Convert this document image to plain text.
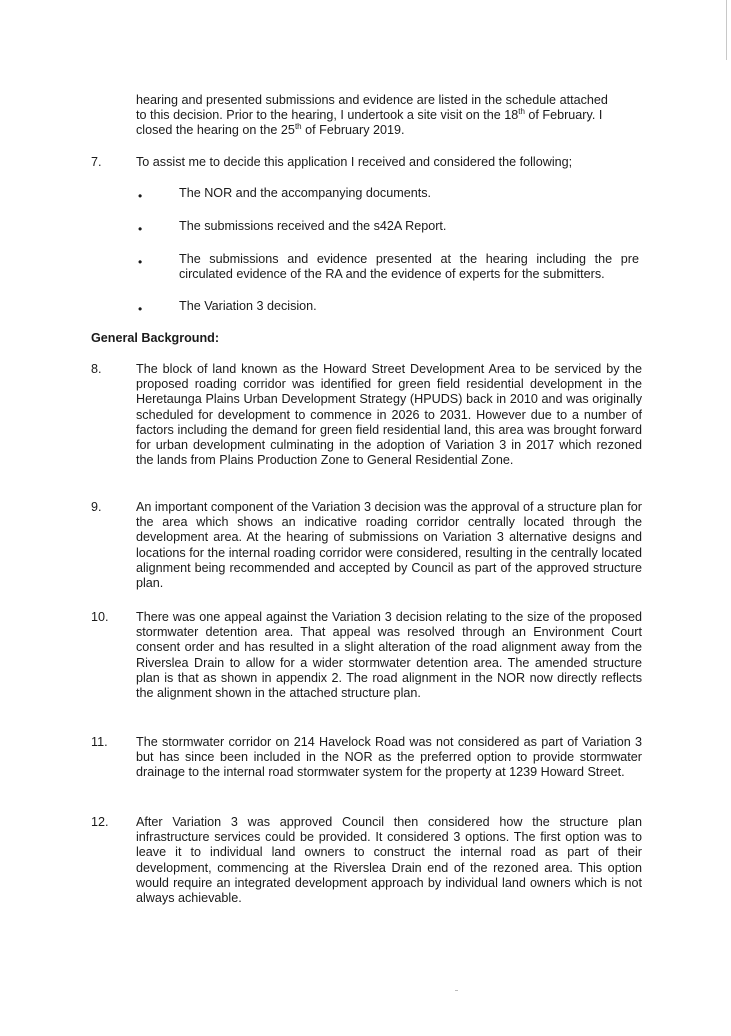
hearing and presented submissions and evidence are listed in the schedule attached
to this decision. Prior to the hearing, I undertook a site visit on the 18th of February. I
closed the hearing on the 25th of February 2019.
7.	To assist me to decide this application I received and considered the following;
•	The NOR and the accompanying documents.
•	The submissions received and the s42A Report.
•	The submissions and evidence presented at the hearing including the pre circulated evidence of the RA and the evidence of experts for the submitters.
•	The Variation 3 decision.
General Background:
8.	The block of land known as the Howard Street Development Area to be serviced by the proposed roading corridor was identified for green field residential development in the Heretaunga Plains Urban Development Strategy (HPUDS) back in 2010 and was originally scheduled for development to commence in 2026 to 2031. However due to a number of factors including the demand for green field residential land, this area was brought forward for urban development culminating in the adoption of Variation 3 in 2017 which rezoned the lands from Plains Production Zone to General Residential Zone.
9.	An important component of the Variation 3 decision was the approval of a structure plan for the area which shows an indicative roading corridor centrally located through the development area. At the hearing of submissions on Variation 3 alternative designs and locations for the internal roading corridor were considered, resulting in the centrally located alignment being recommended and accepted by Council as part of the approved structure plan.
10. There was one appeal against the Variation 3 decision relating to the size of the proposed stormwater detention area. That appeal was resolved through an Environment Court consent order and has resulted in a slight alteration of the road alignment away from the Riverslea Drain to allow for a wider stormwater detention area. The amended structure plan is that as shown in appendix 2. The road alignment in the NOR now directly reflects the alignment shown in the attached structure plan.
11. The stormwater corridor on 214 Havelock Road was not considered as part of Variation 3 but has since been included in the NOR as the preferred option to provide stormwater drainage to the internal road stormwater system for the property at 1239 Howard Street.
12. After Variation 3 was approved Council then considered how the structure plan infrastructure services could be provided. It considered 3 options. The first option was to leave it to individual land owners to construct the internal road as part of their development, commencing at the Riverslea Drain end of the rezoned area. This option would require an integrated development approach by individual land owners which is not always achievable.
